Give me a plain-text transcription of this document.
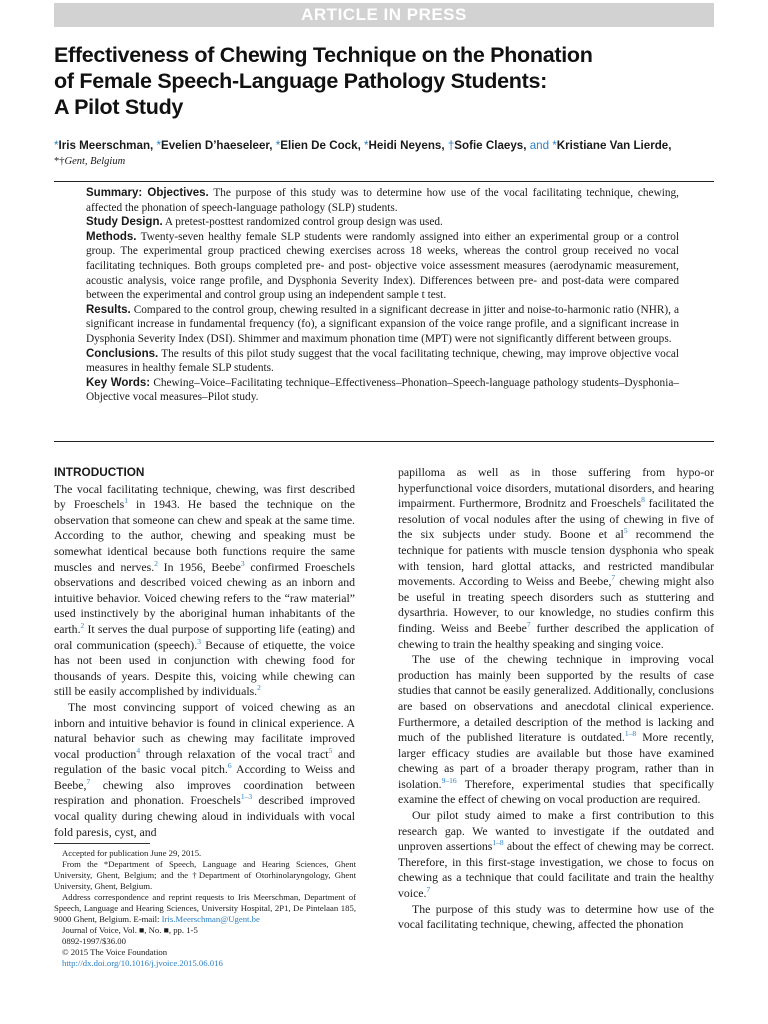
ARTICLE IN PRESS
Effectiveness of Chewing Technique on the Phonation
of Female Speech-Language Pathology Students:
A Pilot Study
*Iris Meerschman, *Evelien D’haeseleer, *Elien De Cock, *Heidi Neyens, †Sofie Claeys, and *Kristiane Van Lierde,
*†Gent, Belgium

Summary: Objectives. The purpose of this study was to determine how use of the vocal facilitating technique, chewing, affected the phonation of speech-language pathology (SLP) students.

Study Design. A pretest-posttest randomized control group design was used.

Methods. Twenty-seven healthy female SLP students were randomly assigned into either an experimental group or a control group. The experimental group practiced chewing exercises across 18 weeks, whereas the control group received no vocal facilitating techniques. Both groups completed pre- and post- objective voice assessment measures (aerodynamic measurement, acoustic analysis, voice range profile, and Dysphonia Severity Index). Differences between pre- and post-data were compared between the experimental and control group using an independent sample t test.

Results. Compared to the control group, chewing resulted in a significant decrease in jitter and noise-to-harmonic ratio (NHR), a significant increase in fundamental frequency (fo), a significant expansion of the voice range profile, and a significant increase in Dysphonia Severity Index (DSI). Shimmer and maximum phonation time (MPT) were not significantly different between groups.

Conclusions. The results of this pilot study suggest that the vocal facilitating technique, chewing, may improve objective vocal measures in healthy female SLP students.

Key Words: Chewing–Voice–Facilitating technique–Effectiveness–Phonation–Speech-language pathology students–Dysphonia–Objective vocal measures–Pilot study.

INTRODUCTION

The vocal facilitating technique, chewing, was first described by Froeschels$^1$ in 1943. He based the technique on the observation that someone can chew and speak at the same time. According to the author, chewing and speaking must be somewhat identical because both functions require the same muscles and nerves.$^2$ In 1956, Beebe$^3$ confirmed Froeschels observations and described voiced chewing as an inborn and intuitive behavior. Voiced chewing refers to the “raw material” used instinctively by the aboriginal human inhabitants of the earth.$^2$ It serves the dual purpose of supporting life (eating) and oral communication (speech).$^3$ Because of etiquette, the voice has not been used in conjunction with chewing food for thousands of years. Despite this, voicing while chewing can still be easily accomplished by individuals.$^2$

The most convincing support of voiced chewing as an inborn and intuitive behavior is found in clinical experience. A natural behavior such as chewing may facilitate improved vocal production$^4$ through relaxation of the vocal tract$^5$ and regulation of the basic vocal pitch.$^6$ According to Weiss and Beebe,$^7$ chewing also improves coordination between respiration and phonation. Froeschels$^{1-3}$ described improved vocal quality during chewing aloud in individuals with vocal fold paresis, cyst, and

papilloma as well as in those suffering from hypo-or hyperfunctional voice disorders, mutational disorders, and hearing impairment. Furthermore, Brodnitz and Froeschels$^8$ facilitated the resolution of vocal nodules after the using of chewing in five of the six subjects under study. Boone et al$^5$ recommend the technique for patients with muscle tension dysphonia who speak with tension, hard glottal attacks, and restricted mandibular movements. According to Weiss and Beebe,$^7$ chewing might also be useful in treating speech disorders such as stuttering and dysarthria. However, to our knowledge, no studies confirm this finding. Weiss and Beebe$^7$ further described the application of chewing to train the healthy speaking and singing voice.

The use of the chewing technique in improving vocal production has mainly been supported by the results of case studies that cannot be easily generalized. Additionally, conclusions are based on observations and anecdotal clinical experience. Furthermore, a detailed description of the method is lacking and much of the published literature is outdated.$^{1-8}$ More recently, larger efficacy studies are available but those have examined chewing as part of a broader therapy program, rather than in isolation.$^{9-16}$ Therefore, experimental studies that specifically examine the effect of chewing on vocal production are required.

Our pilot study aimed to make a first contribution to this research gap. We wanted to investigate if the outdated and unproven assertions$^{1-8}$ about the effect of chewing may be correct. Therefore, in this first-stage investigation, we chose to focus on chewing as a technique that could facilitate and train the healthy voice.$^7$

The purpose of this study was to determine how use of the vocal facilitating technique, chewing, affected the phonation

Accepted for publication June 29, 2015.

From the *Department of Speech, Language and Hearing Sciences, Ghent University, Ghent, Belgium; and the †Department of Otorhinolaryngology, Ghent University, Ghent, Belgium.

Address correspondence and reprint requests to Iris Meerschman, Department of Speech, Language and Hearing Sciences, University Hospital, 2P1, De Pintelaan 185, 9000 Ghent, Belgium. E-mail: Iris.Meerschman@Ugent.be

Journal of Voice, Vol. ■, No. ■, pp. 1-5

0892-1997/$36.00

© 2015 The Voice Foundation

http://dx.doi.org/10.1016/j.jvoice.2015.06.016
